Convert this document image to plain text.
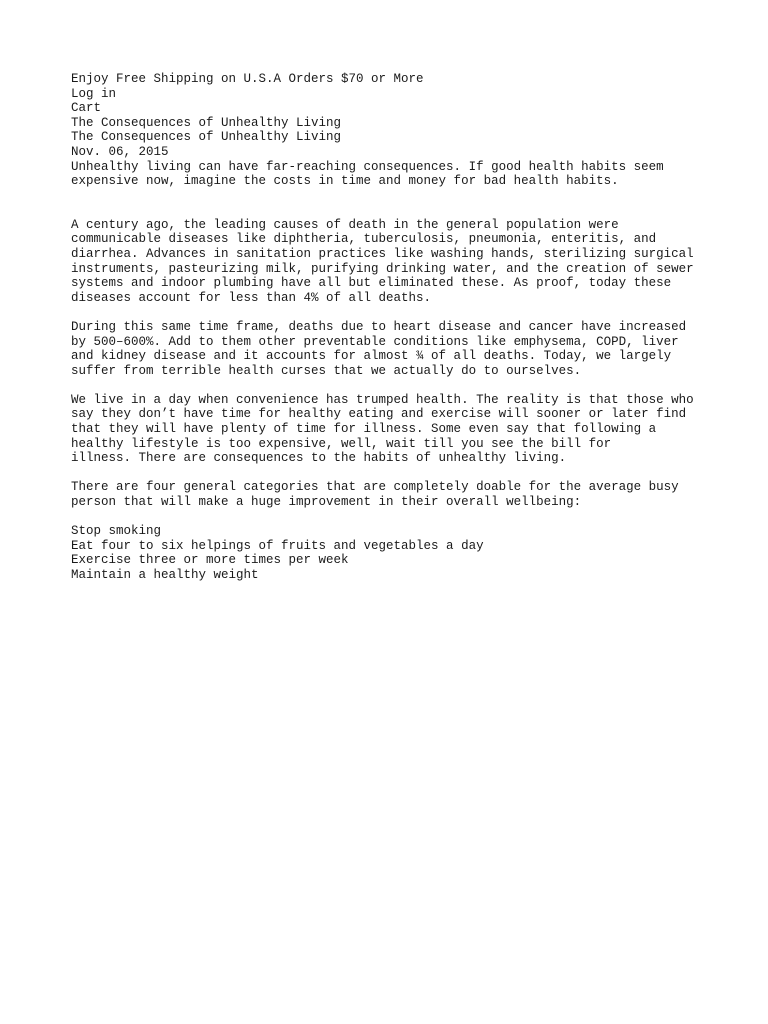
Enjoy Free Shipping on U.S.A Orders $70 or More
Log in
Cart
The Consequences of Unhealthy Living
The Consequences of Unhealthy Living
Nov. 06, 2015

Unhealthy living can have far-reaching consequences. If good health habits seem
expensive now, imagine the costs in time and money for bad health habits.

A century ago, the leading causes of death in the general population were
communicable diseases like diphtheria, tuberculosis, pneumonia, enteritis, and
diarrhea. Advances in sanitation practices like washing hands, sterilizing surgical
instruments, pasteurizing milk, purifying drinking water, and the creation of sewer
systems and indoor plumbing have all but eliminated these. As proof, today these
diseases account for less than 4% of all deaths.

During this same time frame, deaths due to heart disease and cancer have increased
by 500–600%. Add to them other preventable conditions like emphysema, COPD, liver
and kidney disease and it accounts for almost ¾ of all deaths. Today, we largely
suffer from terrible health curses that we actually do to ourselves.

We live in a day when convenience has trumped health. The reality is that those who
say they don’t have time for healthy eating and exercise will sooner or later find
that they will have plenty of time for illness. Some even say that following a
healthy lifestyle is too expensive, well, wait till you see the bill for
illness. There are consequences to the habits of unhealthy living.

There are four general categories that are completely doable for the average busy
person that will make a huge improvement in their overall wellbeing:

Stop smoking
Eat four to six helpings of fruits and vegetables a day
Exercise three or more times per week
Maintain a healthy weight
